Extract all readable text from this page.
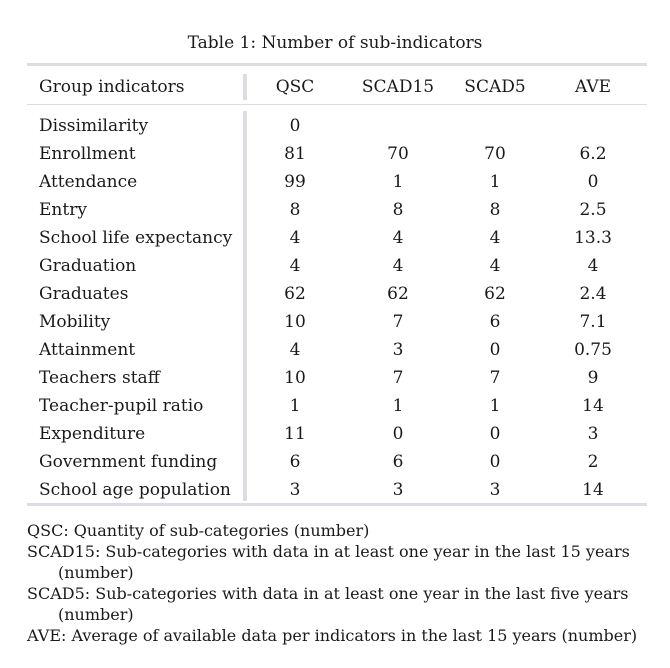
Table 1: Number of sub-indicators
Group indicators	QSC	SCAD15	SCAD5	AVE
Dissimilarity	0
Enrollment	81	70	70	6.2
Attendance	99	1	1	0
Entry	8	8	8	2.5
School life expectancy	4	4	4	13.3
Graduation	4	4	4	4
Graduates	62	62	62	2.4
Mobility	10	7	6	7.1
Attainment	4	3	0	0.75
Teachers staff	10	7	7	9
Teacher-pupil ratio	1	1	1	14
Expenditure	11	0	0	3
Government funding	6	6	0	2
School age population	3	3	3	14

QSC: Quantity of sub-categories (number)

SCAD15: Sub-categories with data in at least one year in the last 15 years
(number)

SCAD5: Sub-categories with data in at least one year in the last five years
(number)

AVE: Average of available data per indicators in the last 15 years (number)
